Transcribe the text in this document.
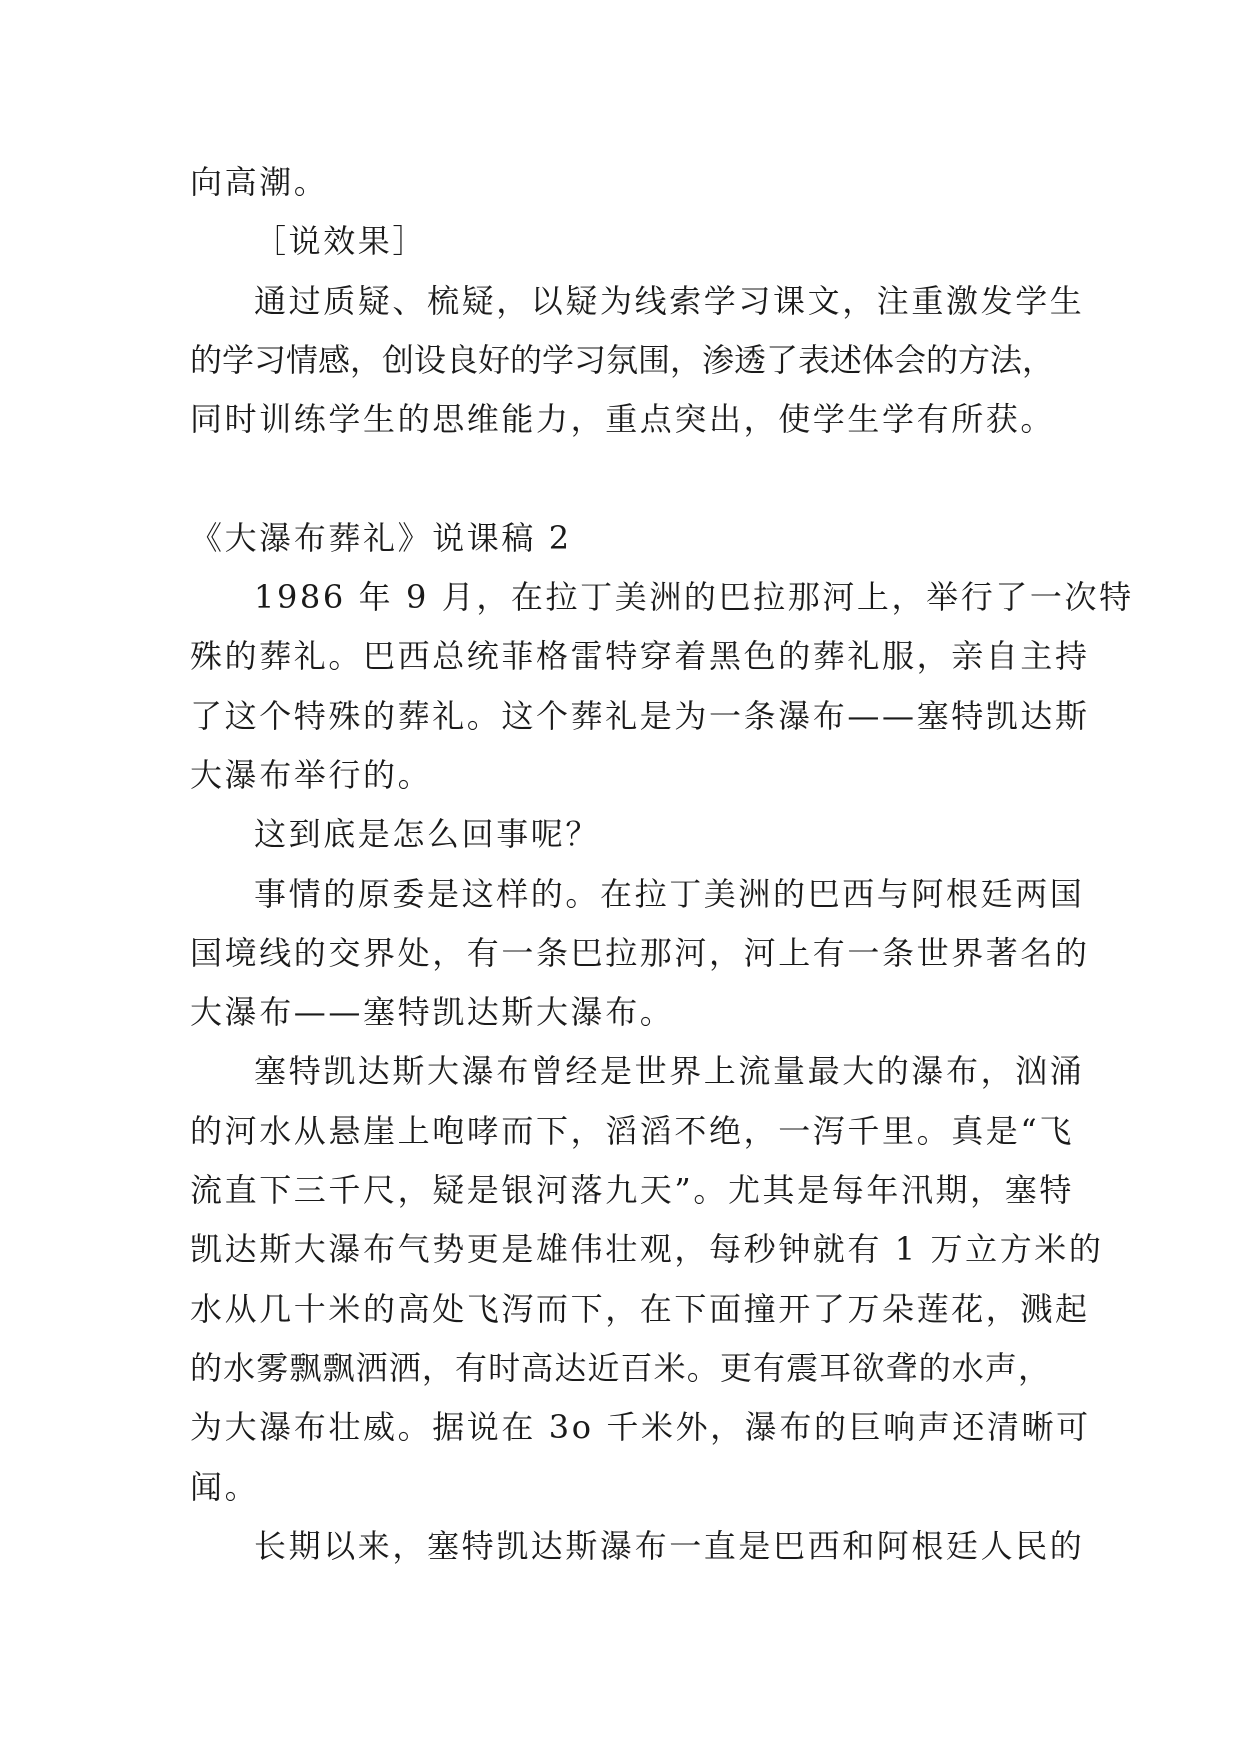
向高潮。
［说效果］
通过质疑、梳疑，以疑为线索学习课文，注重激发学生
的学习情感，创设良好的学习氛围，渗透了表述体会的方法，
同时训练学生的思维能力，重点突出，使学生学有所获。
《大瀑布葬礼》说课稿 2
1986 年 9 月，在拉丁美洲的巴拉那河上，举行了一次特
殊的葬礼。巴西总统菲格雷特穿着黑色的葬礼服，亲自主持
了这个特殊的葬礼。这个葬礼是为一条瀑布——塞特凯达斯
大瀑布举行的。
这到底是怎么回事呢？
事情的原委是这样的。在拉丁美洲的巴西与阿根廷两国
国境线的交界处，有一条巴拉那河，河上有一条世界著名的
大瀑布——塞特凯达斯大瀑布。
塞特凯达斯大瀑布曾经是世界上流量最大的瀑布，汹涌
的河水从悬崖上咆哮而下，滔滔不绝，一泻千里。真是“飞
流直下三千尺，疑是银河落九天”。尤其是每年汛期，塞特
凯达斯大瀑布气势更是雄伟壮观，每秒钟就有 1 万立方米的
水从几十米的高处飞泻而下，在下面撞开了万朵莲花，溅起
的水雾飘飘洒洒，有时高达近百米。更有震耳欲聋的水声，
为大瀑布壮威。据说在 3o 千米外，瀑布的巨响声还清晰可
闻。
长期以来，塞特凯达斯瀑布一直是巴西和阿根廷人民的
